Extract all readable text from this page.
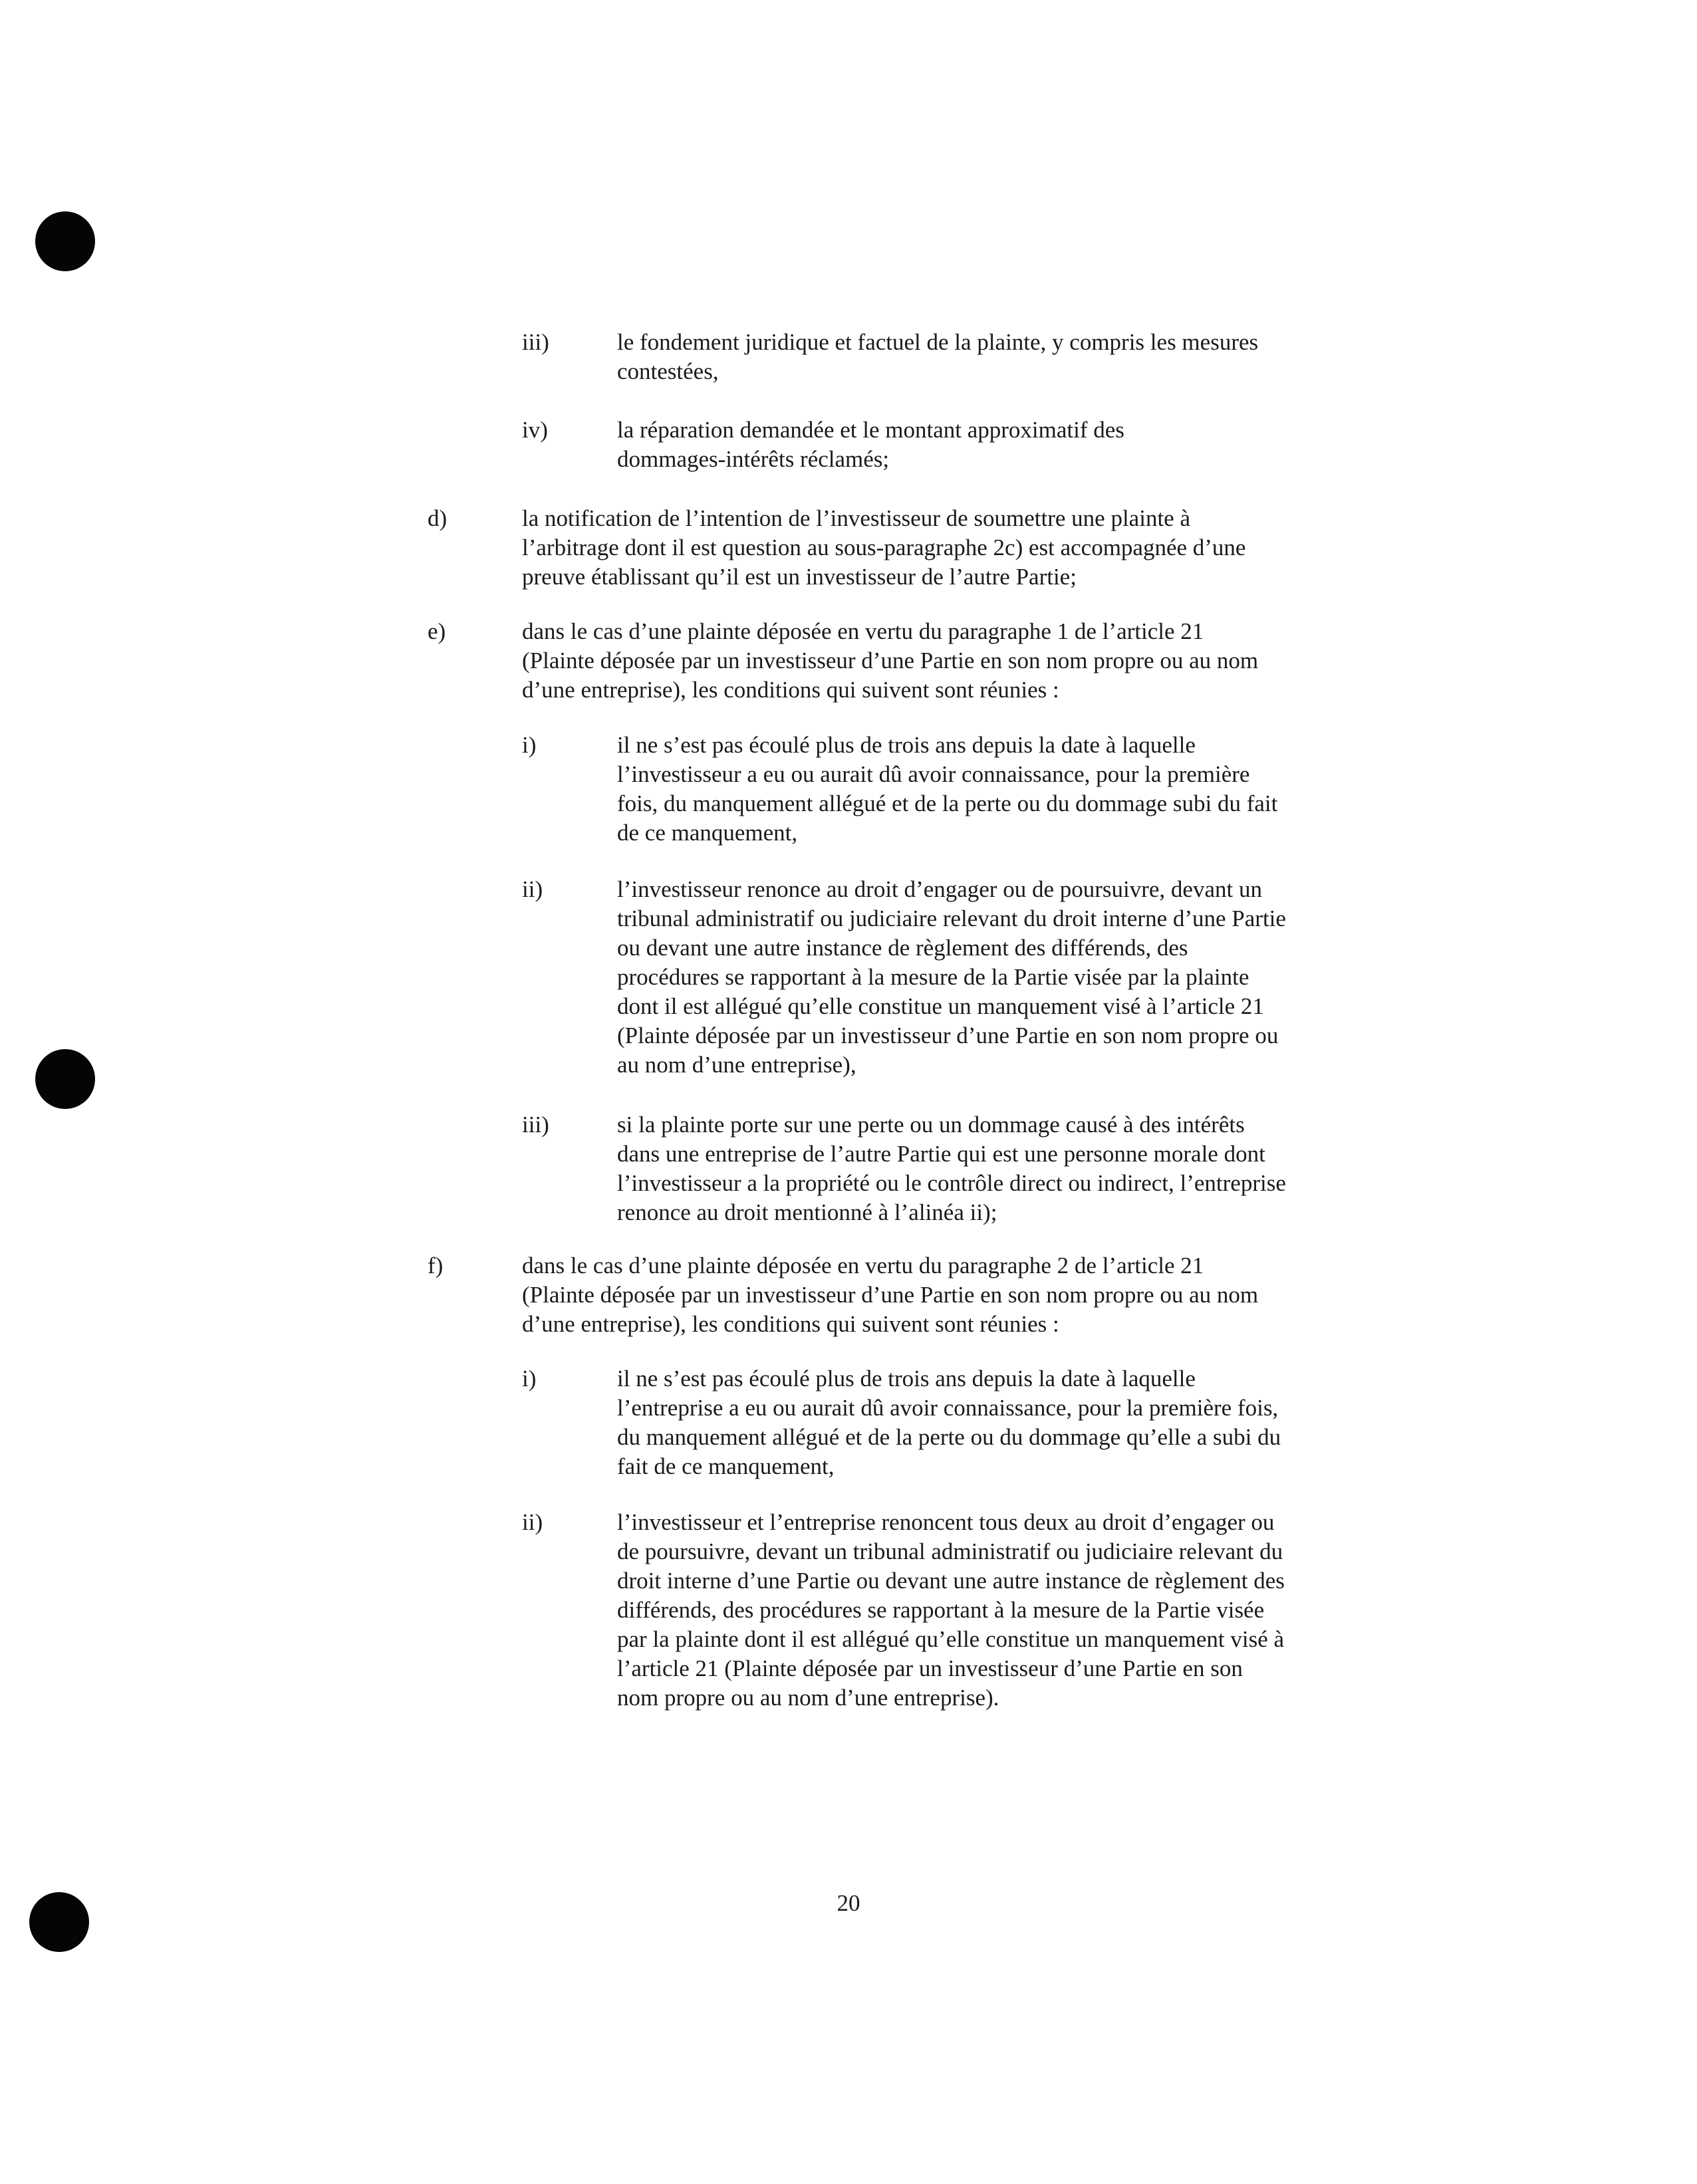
iii)	le fondement juridique et factuel de la plainte, y compris les mesures
contestées,
iv)	la réparation demandée et le montant approximatif des
dommages-intérêts réclamés;
d)	la notification de l’intention de l’investisseur de soumettre une plainte à
l’arbitrage dont il est question au sous-paragraphe 2c) est accompagnée d’une
preuve établissant qu’il est un investisseur de l’autre Partie;
e)	dans le cas d’une plainte déposée en vertu du paragraphe 1 de l’article 21
(Plainte déposée par un investisseur d’une Partie en son nom propre ou au nom
d’une entreprise), les conditions qui suivent sont réunies :
i)	il ne s’est pas écoulé plus de trois ans depuis la date à laquelle
l’investisseur a eu ou aurait dû avoir connaissance, pour la première
fois, du manquement allégué et de la perte ou du dommage subi du fait
de ce manquement,
ii)	l’investisseur renonce au droit d’engager ou de poursuivre, devant un
tribunal administratif ou judiciaire relevant du droit interne d’une Partie
ou devant une autre instance de règlement des différends, des
procédures se rapportant à la mesure de la Partie visée par la plainte
dont il est allégué qu’elle constitue un manquement visé à l’article 21
(Plainte déposée par un investisseur d’une Partie en son nom propre ou
au nom d’une entreprise),
iii)	si la plainte porte sur une perte ou un dommage causé à des intérêts
dans une entreprise de l’autre Partie qui est une personne morale dont
l’investisseur a la propriété ou le contrôle direct ou indirect, l’entreprise
renonce au droit mentionné à l’alinéa ii);
f)	dans le cas d’une plainte déposée en vertu du paragraphe 2 de l’article 21
(Plainte déposée par un investisseur d’une Partie en son nom propre ou au nom
d’une entreprise), les conditions qui suivent sont réunies :
i)	il ne s’est pas écoulé plus de trois ans depuis la date à laquelle
l’entreprise a eu ou aurait dû avoir connaissance, pour la première fois,
du manquement allégué et de la perte ou du dommage qu’elle a subi du
fait de ce manquement,
ii)	l’investisseur et l’entreprise renoncent tous deux au droit d’engager ou
de poursuivre, devant un tribunal administratif ou judiciaire relevant du
droit interne d’une Partie ou devant une autre instance de règlement des
différends, des procédures se rapportant à la mesure de la Partie visée
par la plainte dont il est allégué qu’elle constitue un manquement visé à
l’article 21 (Plainte déposée par un investisseur d’une Partie en son
nom propre ou au nom d’une entreprise).
20
